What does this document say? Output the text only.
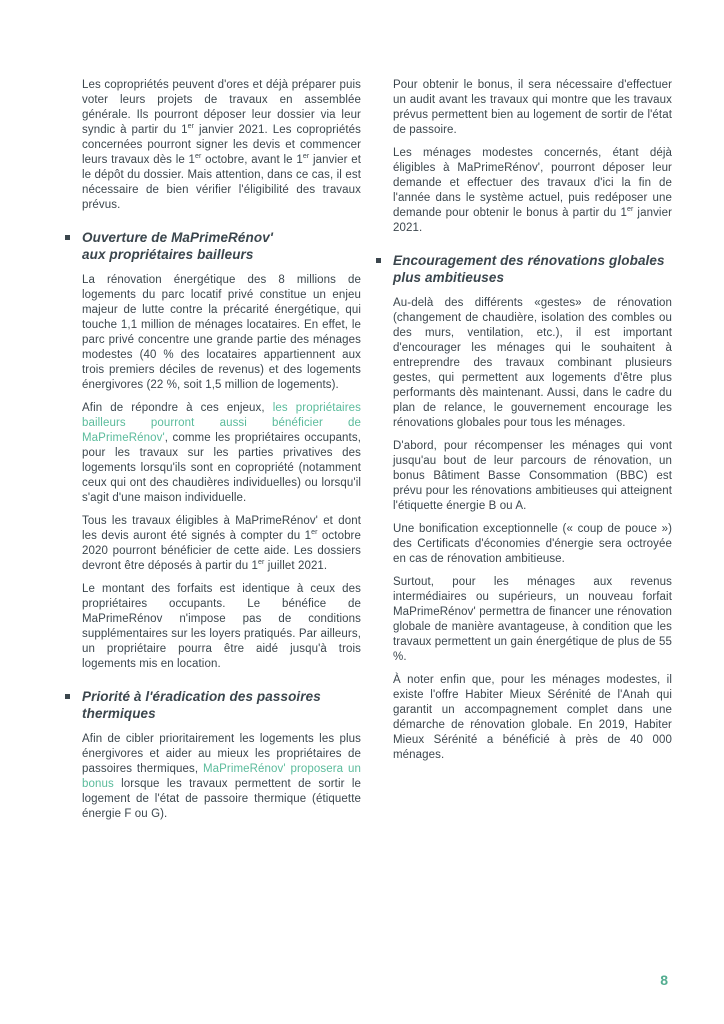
Les copropriétés peuvent d'ores et déjà préparer puis voter leurs projets de travaux en assemblée générale. Ils pourront déposer leur dossier via leur syndic à partir du 1er janvier 2021. Les copropriétés concernées pourront signer les devis et commencer leurs travaux dès le 1er octobre, avant le 1er janvier et le dépôt du dossier. Mais attention, dans ce cas, il est nécessaire de bien vérifier l'éligibilité des travaux prévus.

Ouverture de MaPrimeRénov'
aux propriétaires bailleurs

La rénovation énergétique des 8 millions de logements du parc locatif privé constitue un enjeu majeur de lutte contre la précarité énergétique, qui touche 1,1 million de ménages locataires. En effet, le parc privé concentre une grande partie des ménages modestes (40 % des locataires appartiennent aux trois premiers déciles de revenus) et des logements énergivores (22 %, soit 1,5 million de logements).

Afin de répondre à ces enjeux, les propriétaires bailleurs pourront aussi bénéficier de MaPrimeRénov', comme les propriétaires occupants, pour les travaux sur les parties privatives des logements lorsqu'ils sont en copropriété (notamment ceux qui ont des chaudières individuelles) ou lorsqu'il s'agit d'une maison individuelle.

Tous les travaux éligibles à MaPrimeRénov' et dont les devis auront été signés à compter du 1er octobre 2020 pourront bénéficier de cette aide. Les dossiers devront être déposés à partir du 1er juillet 2021.

Le montant des forfaits est identique à ceux des propriétaires occupants. Le bénéfice de MaPrimeRénov n'impose pas de conditions supplémentaires sur les loyers pratiqués. Par ailleurs, un propriétaire pourra être aidé jusqu'à trois logements mis en location.

Priorité à l'éradication des passoires
thermiques

Afin de cibler prioritairement les logements les plus énergivores et aider au mieux les propriétaires de passoires thermiques, MaPrimeRénov' proposera un bonus lorsque les travaux permettent de sortir le logement de l'état de passoire thermique (étiquette énergie F ou G).

Pour obtenir le bonus, il sera nécessaire d'effectuer un audit avant les travaux qui montre que les travaux prévus permettent bien au logement de sortir de l'état de passoire.

Les ménages modestes concernés, étant déjà éligibles à MaPrimeRénov', pourront déposer leur demande et effectuer des travaux d'ici la fin de l'année dans le système actuel, puis redéposer une demande pour obtenir le bonus à partir du 1er janvier 2021.

Encouragement des rénovations globales
plus ambitieuses

Au-delà des différents «gestes» de rénovation (changement de chaudière, isolation des combles ou des murs, ventilation, etc.), il est important d'encourager les ménages qui le souhaitent à entreprendre des travaux combinant plusieurs gestes, qui permettent aux logements d'être plus performants dès maintenant. Aussi, dans le cadre du plan de relance, le gouvernement encourage les rénovations globales pour tous les ménages.

D'abord, pour récompenser les ménages qui vont jusqu'au bout de leur parcours de rénovation, un bonus Bâtiment Basse Consommation (BBC) est prévu pour les rénovations ambitieuses qui atteignent l'étiquette énergie B ou A.

Une bonification exceptionnelle (« coup de pouce ») des Certificats d'économies d'énergie sera octroyée en cas de rénovation ambitieuse.

Surtout, pour les ménages aux revenus intermédiaires ou supérieurs, un nouveau forfait MaPrimeRénov' permettra de financer une rénovation globale de manière avantageuse, à condition que les travaux permettent un gain énergétique de plus de 55 %.

À noter enfin que, pour les ménages modestes, il existe l'offre Habiter Mieux Sérénité de l'Anah qui garantit un accompagnement complet dans une démarche de rénovation globale. En 2019, Habiter Mieux Sérénité a bénéficié à près de 40 000 ménages.

8
